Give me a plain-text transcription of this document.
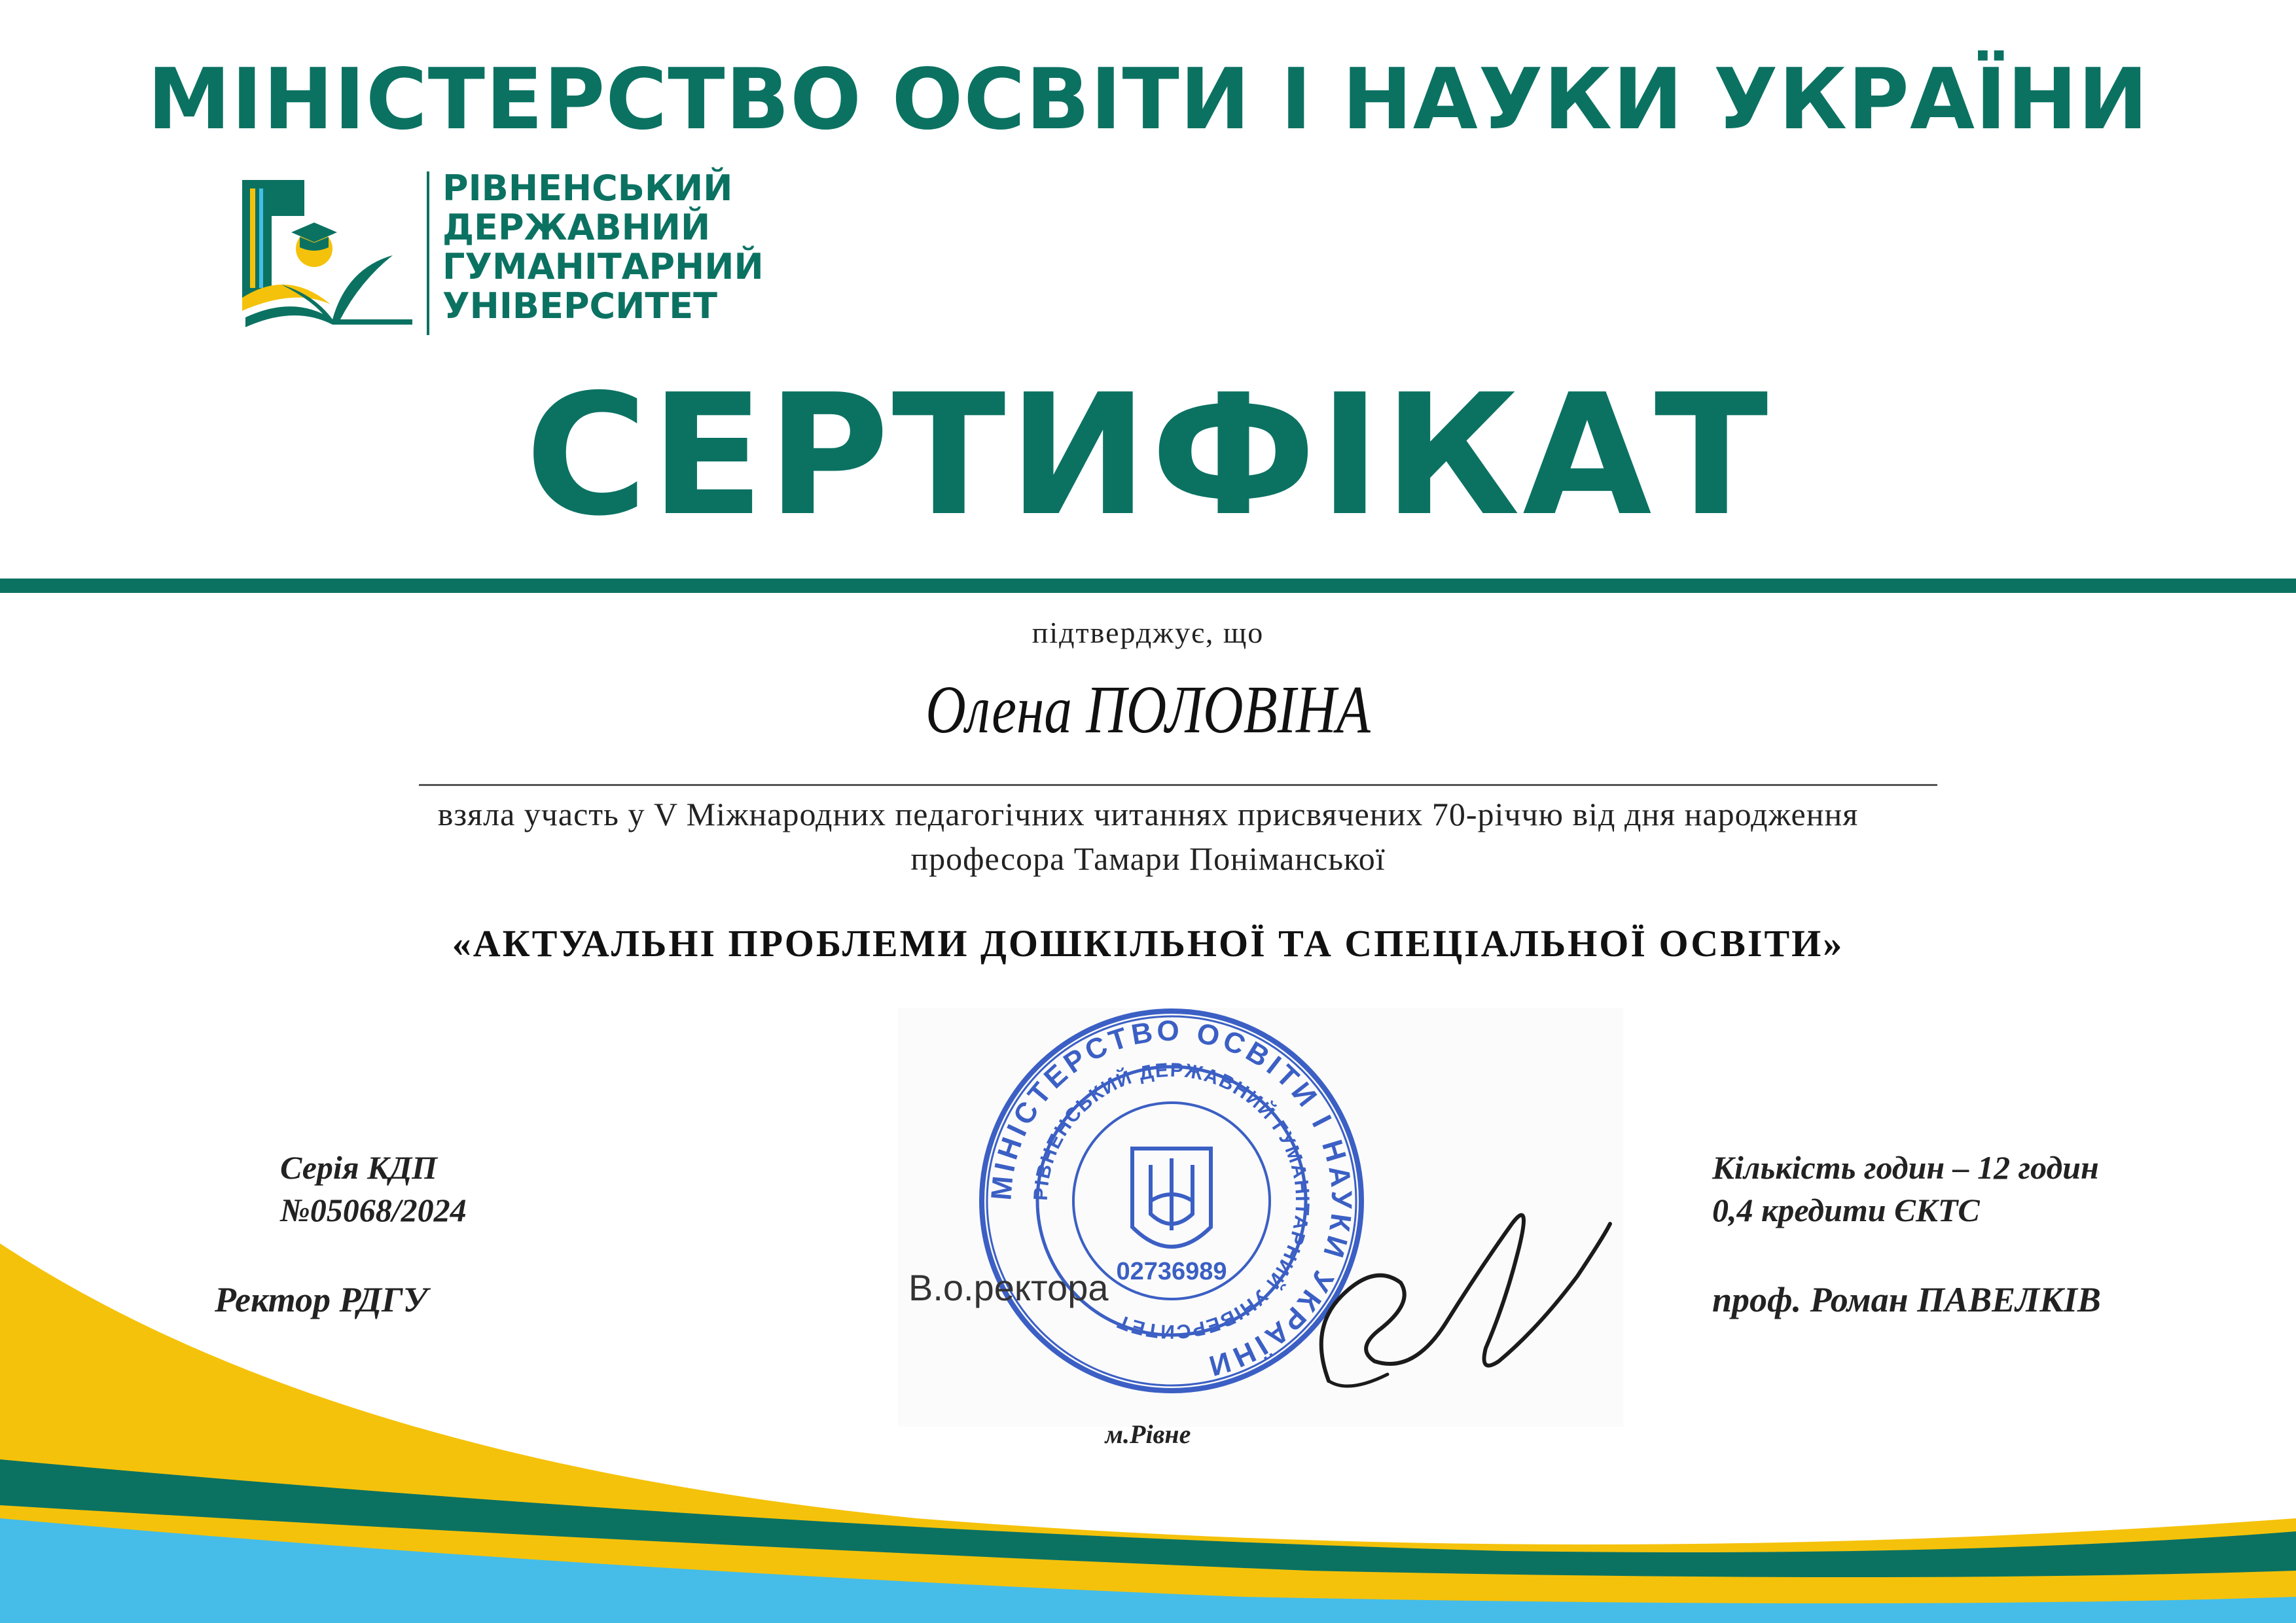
МІНІСТЕРСТВО ОСВІТИ І НАУКИ УКРАЇНИ
РІВНЕНСЬКИЙ
ДЕРЖАВНИЙ
ГУМАНІТАРНИЙ
УНІВЕРСИТЕТ
СЕРТИФІКАТ
підтверджує, що
Олена ПОЛОВІНА
взяла участь у V Міжнародних педагогічних читаннях присвячених 70-річчю від дня народження
професора Тамари Поніманської
«АКТУАЛЬНІ ПРОБЛЕМИ ДОШКІЛЬНОЇ ТА СПЕЦІАЛЬНОЇ ОСВІТИ»
МІНІСТЕРСТВО ОСВІТИ І НАУКИ УКРАЇНИ
РІВНЕНСЬКИЙ ДЕРЖАВНИЙ ГУМАНІТАРНИЙ УНІВЕРСИТЕТ
02736989
В.о.ректора
Серія КДП
№05068/2024
Ректор РДГУ
Кількість годин – 12 годин
0,4 кредити ЄКТС
проф. Роман ПАВЕЛКІВ
м.Рівне
